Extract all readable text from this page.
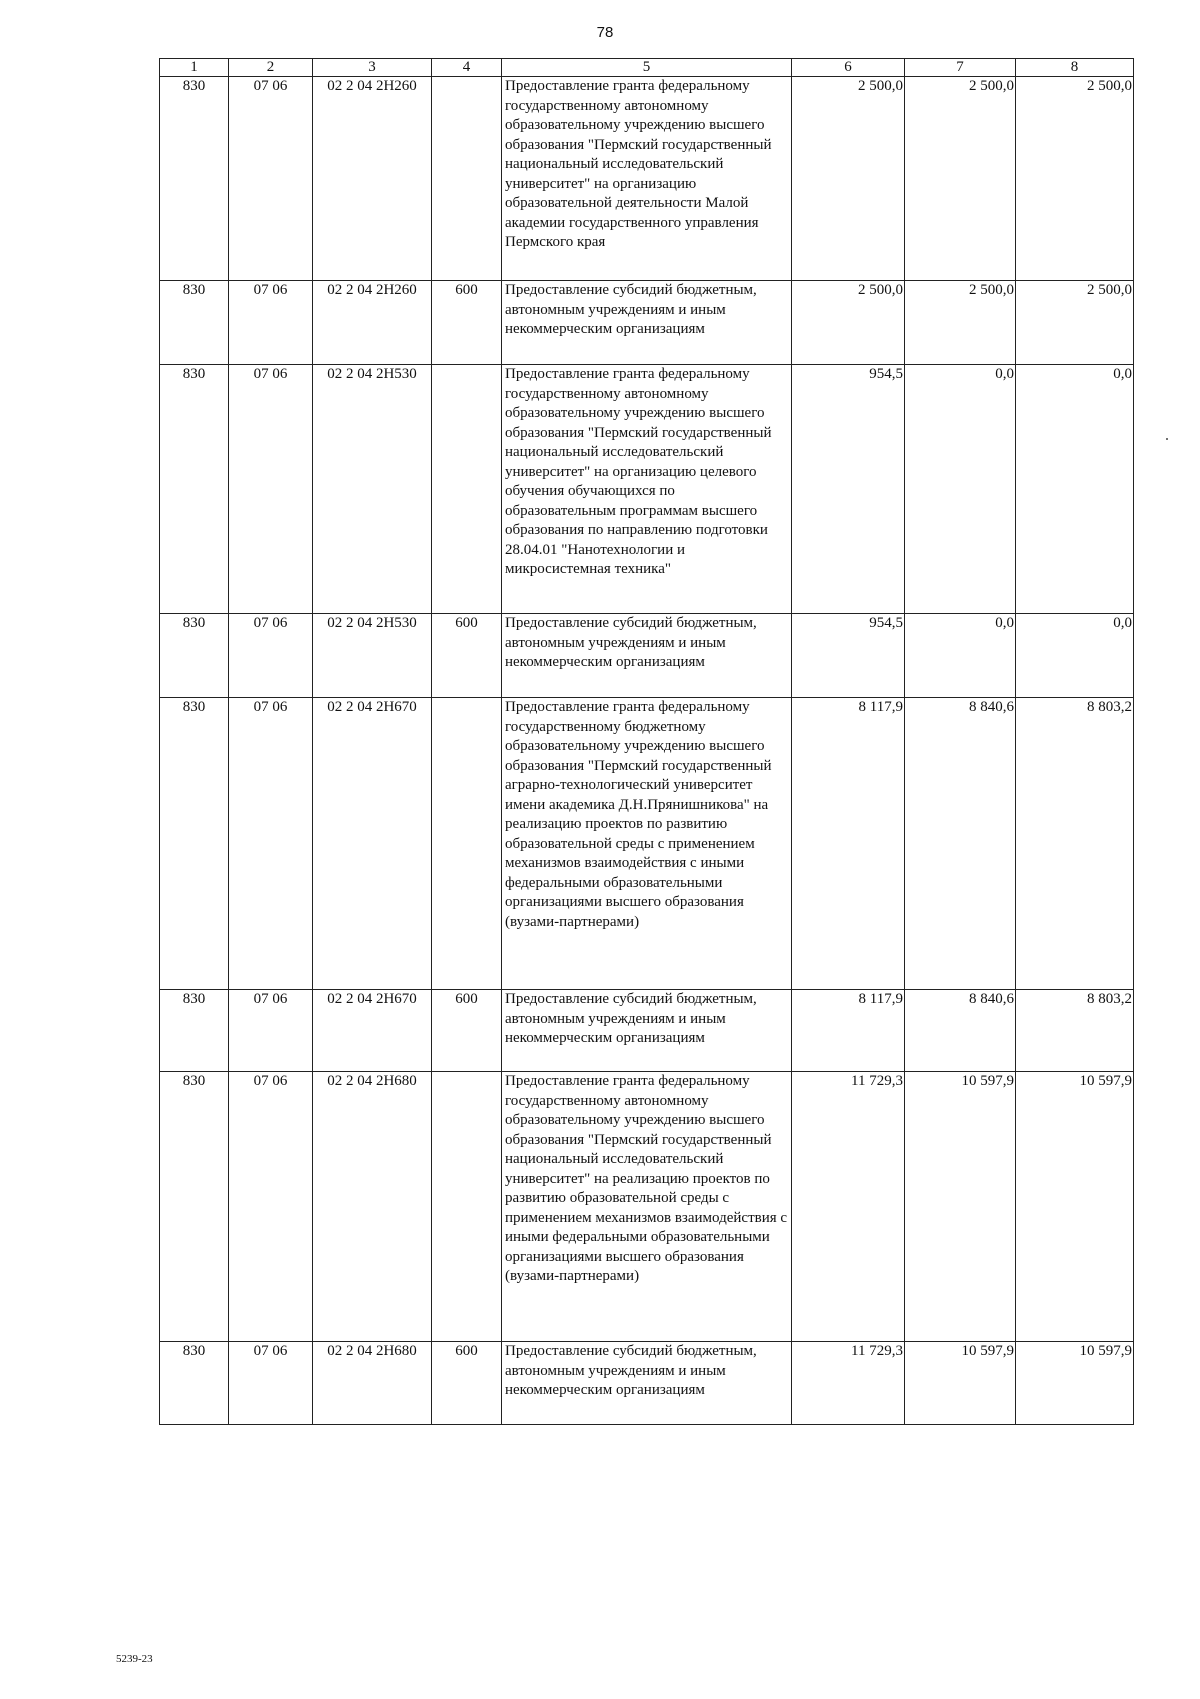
78
1	2	3	4	5	6	7	8
830	07 06	02 2 04 2Н260		Предоставление гранта федеральному государственному автономному образовательному учреждению высшего образования "Пермский государственный национальный исследовательский университет" на организацию образовательной деятельности Малой академии государственного управления Пермского края	2 500,0	2 500,0	2 500,0
830	07 06	02 2 04 2Н260	600	Предоставление субсидий бюджетным, автономным учреждениям и иным некоммерческим организациям	2 500,0	2 500,0	2 500,0
830	07 06	02 2 04 2Н530		Предоставление гранта федеральному государственному автономному образовательному учреждению высшего образования "Пермский государственный национальный исследовательский университет" на организацию целевого обучения обучающихся по образовательным программам высшего образования по направлению подготовки 28.04.01 "Нанотехнологии и микросистемная техника"	954,5	0,0	0,0
830	07 06	02 2 04 2Н530	600	Предоставление субсидий бюджетным, автономным учреждениям и иным некоммерческим организациям	954,5	0,0	0,0
830	07 06	02 2 04 2Н670		Предоставление гранта федеральному государственному бюджетному образовательному учреждению высшего образования "Пермский государственный аграрно-технологический университет имени академика Д.Н.Прянишникова" на реализацию проектов по развитию образовательной среды с применением механизмов взаимодействия с иными федеральными образовательными организациями высшего образования (вузами-партнерами)	8 117,9	8 840,6	8 803,2
830	07 06	02 2 04 2Н670	600	Предоставление субсидий бюджетным, автономным учреждениям и иным некоммерческим организациям	8 117,9	8 840,6	8 803,2
830	07 06	02 2 04 2Н680		Предоставление гранта федеральному государственному автономному образовательному учреждению высшего образования "Пермский государственный национальный исследовательский университет" на реализацию проектов по развитию образовательной среды с применением механизмов взаимодействия с иными федеральными образовательными организациями высшего образования (вузами-партнерами)	11 729,3	10 597,9	10 597,9
830	07 06	02 2 04 2Н680	600	Предоставление субсидий бюджетным, автономным учреждениям и иным некоммерческим организациям	11 729,3	10 597,9	10 597,9
5239-23
